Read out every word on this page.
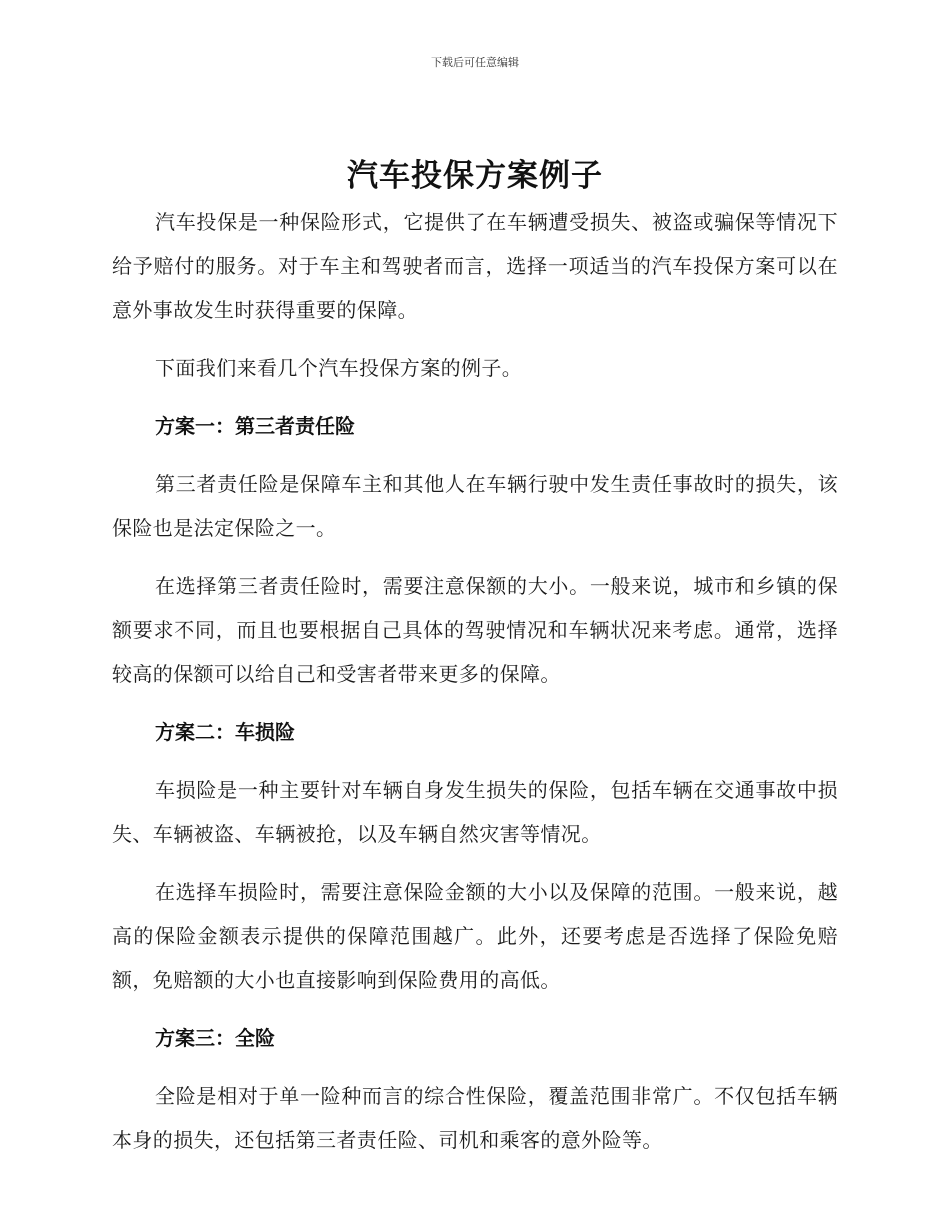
下载后可任意编辑
汽车投保方案例子

汽车投保是一种保险形式，它提供了在车辆遭受损失、被盗或骗保等情况下给予赔付的服务。对于车主和驾驶者而言，选择一项适当的汽车投保方案可以在意外事故发生时获得重要的保障。

下面我们来看几个汽车投保方案的例子。

方案一：第三者责任险

第三者责任险是保障车主和其他人在车辆行驶中发生责任事故时的损失，该保险也是法定保险之一。

在选择第三者责任险时，需要注意保额的大小。一般来说，城市和乡镇的保额要求不同，而且也要根据自己具体的驾驶情况和车辆状况来考虑。通常，选择较高的保额可以给自己和受害者带来更多的保障。

方案二：车损险

车损险是一种主要针对车辆自身发生损失的保险，包括车辆在交通事故中损失、车辆被盗、车辆被抢，以及车辆自然灾害等情况。

在选择车损险时，需要注意保险金额的大小以及保障的范围。一般来说，越高的保险金额表示提供的保障范围越广。此外，还要考虑是否选择了保险免赔额，免赔额的大小也直接影响到保险费用的高低。

方案三：全险

全险是相对于单一险种而言的综合性保险，覆盖范围非常广。不仅包括车辆本身的损失，还包括第三者责任险、司机和乘客的意外险等。
